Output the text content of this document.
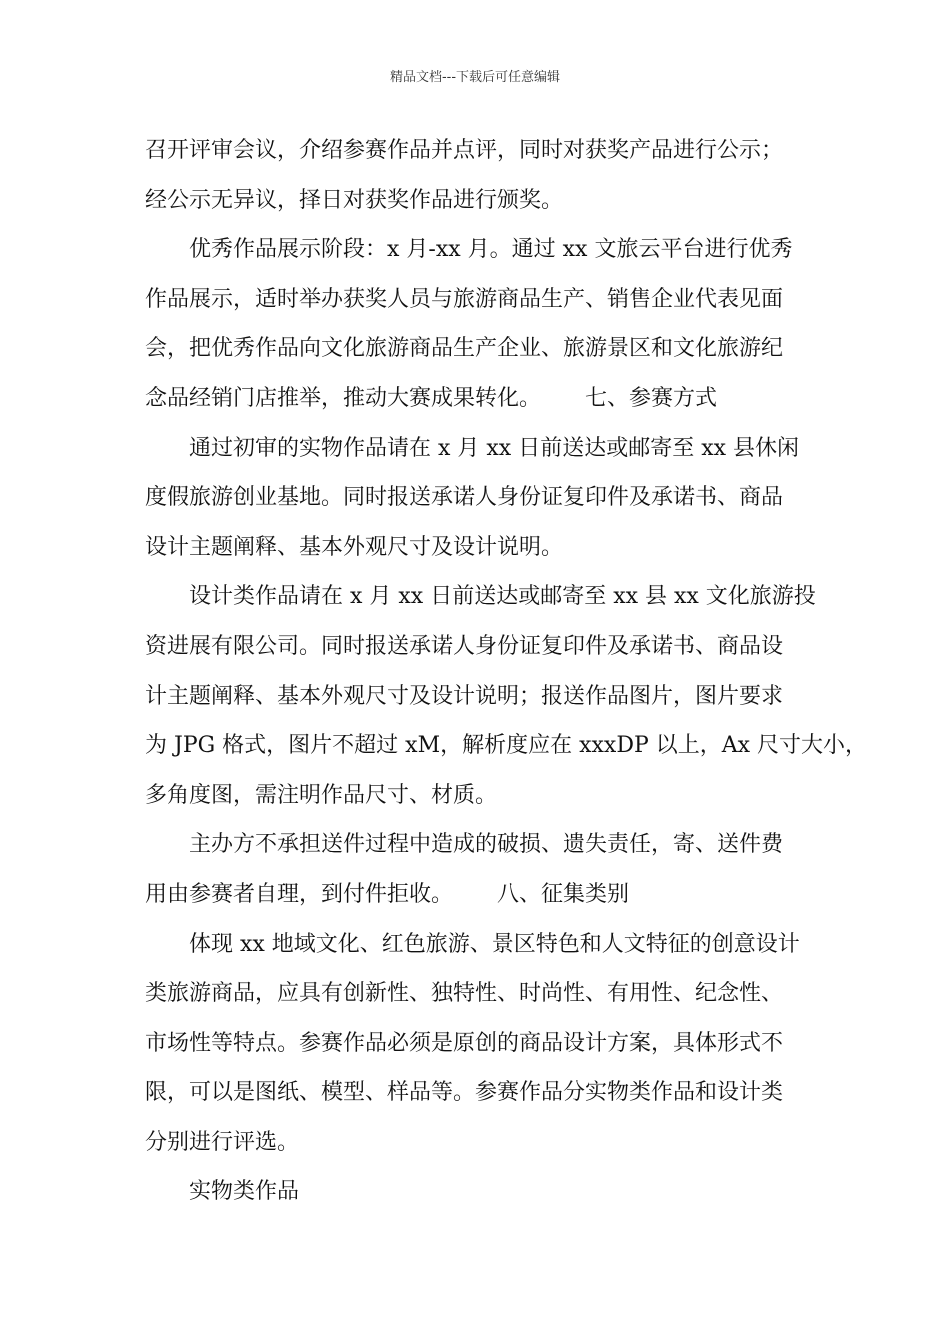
精品文档---下载后可任意编辑

召开评审会议，介绍参赛作品并点评，同时对获奖产品进行公示；

经公示无异议，择日对获奖作品进行颁奖。

优秀作品展示阶段：x 月-xx 月。通过 xx 文旅云平台进行优秀

作品展示，适时举办获奖人员与旅游商品生产、销售企业代表见面

会，把优秀作品向文化旅游商品生产企业、旅游景区和文化旅游纪

念品经销门店推举，推动大赛成果转化。 七、参赛方式

通过初审的实物作品请在 x 月 xx 日前送达或邮寄至 xx 县休闲

度假旅游创业基地。同时报送承诺人身份证复印件及承诺书、商品

设计主题阐释、基本外观尺寸及设计说明。

设计类作品请在 x 月 xx 日前送达或邮寄至 xx 县 xx 文化旅游投

资进展有限公司。同时报送承诺人身份证复印件及承诺书、商品设

计主题阐释、基本外观尺寸及设计说明；报送作品图片，图片要求

为 JPG 格式，图片不超过 xM，解析度应在 xxxDP 以上，Ax 尺寸大小，

多角度图，需注明作品尺寸、材质。

主办方不承担送件过程中造成的破损、遗失责任，寄、送件费

用由参赛者自理，到付件拒收。 八、征集类别

体现 xx 地域文化、红色旅游、景区特色和人文特征的创意设计

类旅游商品，应具有创新性、独特性、时尚性、有用性、纪念性、

市场性等特点。参赛作品必须是原创的商品设计方案，具体形式不

限，可以是图纸、模型、样品等。参赛作品分实物类作品和设计类

分别进行评选。

实物类作品
